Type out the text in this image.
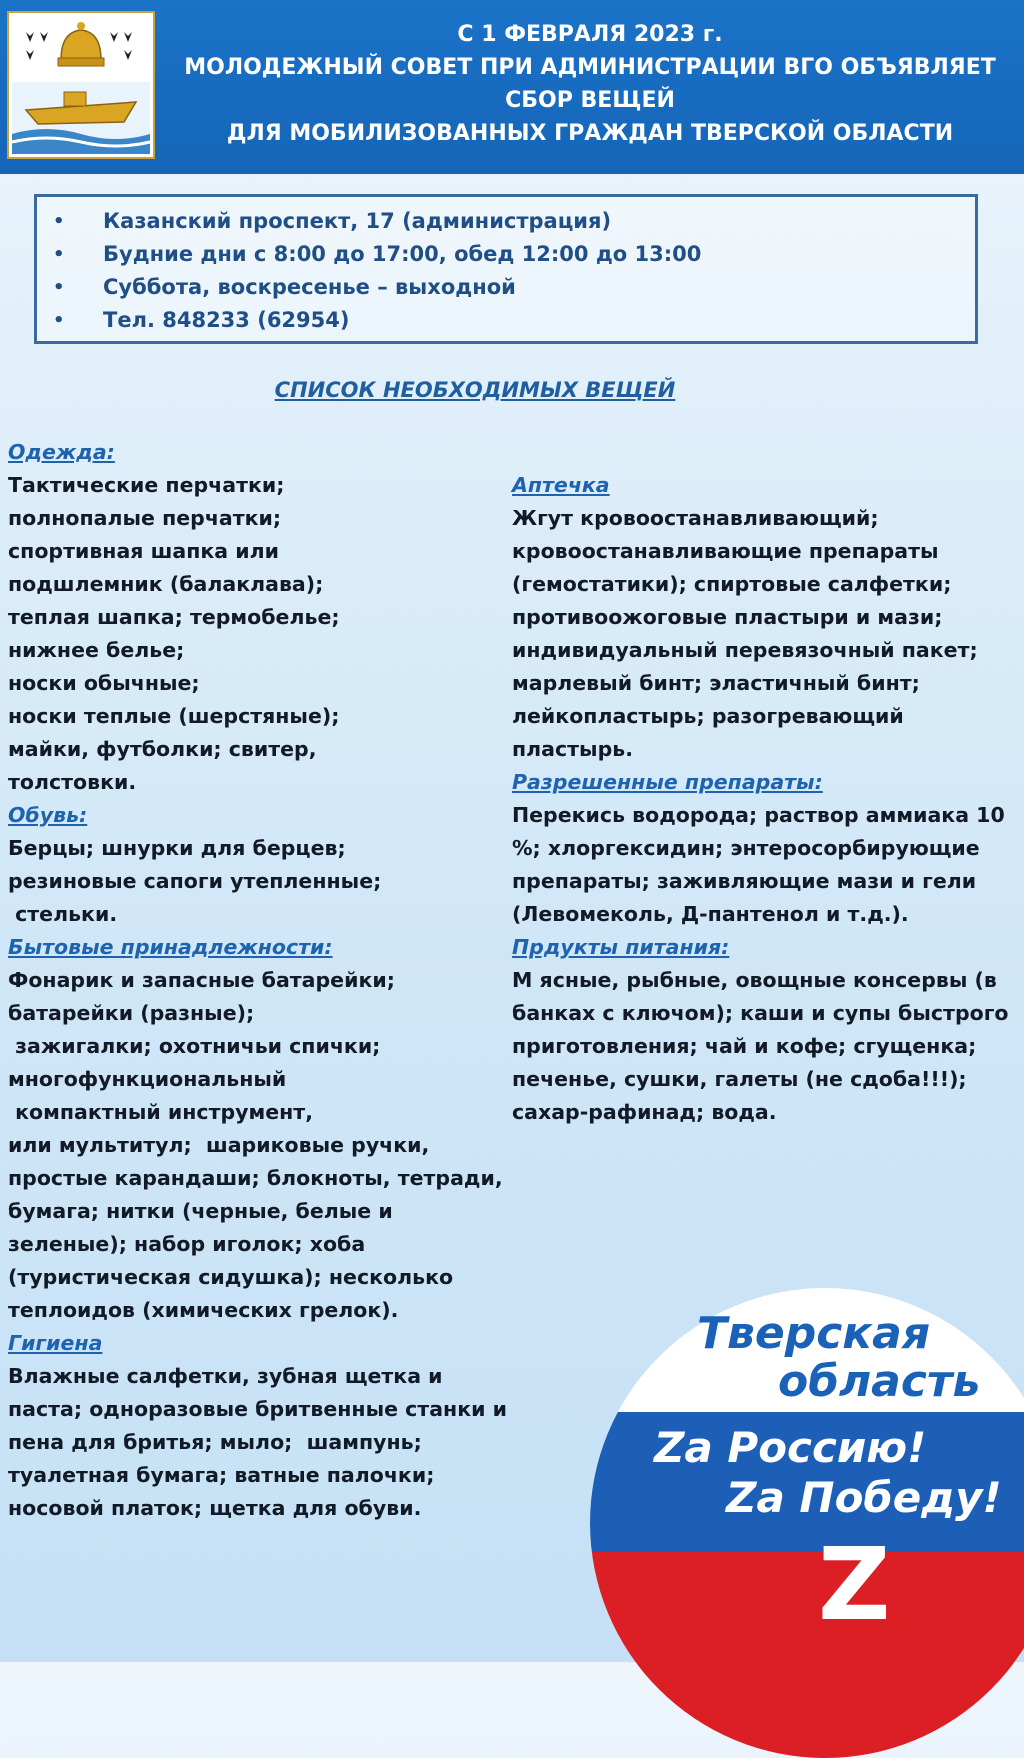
С 1 ФЕВРАЛЯ 2023 г.
МОЛОДЕЖНЫЙ СОВЕТ ПРИ АДМИНИСТРАЦИИ ВГО ОБЪЯВЛЯЕТ
СБОР ВЕЩЕЙ
ДЛЯ МОБИЛИЗОВАННЫХ ГРАЖДАН ТВЕРСКОЙ ОБЛАСТИ
• Казанский проспект, 17 (администрация)
• Будние дни с 8:00 до 17:00, обед 12:00 до 13:00
• Суббота, воскресенье – выходной
• Тел. 848233 (62954)
СПИСОК НЕОБХОДИМЫХ ВЕЩЕЙ
Одежда:
Тактические перчатки;
полнопалые перчатки;
спортивная шапка или
подшлемник (балаклава);
теплая шапка; термобелье;
нижнее белье;
носки обычные;
носки теплые (шерстяные);
майки, футболки; свитер,
толстовки.
Обувь:
Берцы; шнурки для берцев;
резиновые сапоги утепленные;
стельки.
Бытовые принадлежности:
Фонарик и запасные батарейки;
батарейки (разные);
зажигалки; охотничьи спички;
многофункциональный
компактный инструмент,
или мультитул;  шариковые ручки,
простые карандаши; блокноты, тетради,
бумага; нитки (черные, белые и
зеленые); набор иголок; хоба
(туристическая сидушка); несколько
теплоидов (химических грелок).
Гигиена
Влажные салфетки, зубная щетка и
паста; одноразовые бритвенные станки и
пена для бритья; мыло;  шампунь;
туалетная бумага; ватные палочки;
носовой платок; щетка для обуви.
Аптечка
Жгут кровоостанавливающий;
кровоостанавливающие препараты
(гемостатики); спиртовые салфетки;
противоожоговые пластыри и мази;
индивидуальный перевязочный пакет;
марлевый бинт; эластичный бинт;
лейкопластырь; разогревающий
пластырь.
Разрешенные препараты:
Перекись водорода; раствор аммиака 10
%; хлоргексидин; энтеросорбирующие
препараты; заживляющие мази и гели
(Левомеколь, Д-пантенол и т.д.).
Прдукты питания:
М ясные, рыбные, овощные консервы (в
банках с ключом); каши и супы быстрого
приготовления; чай и кофе; сгущенка;
печенье, сушки, галеты (не сдоба!!!);
сахар-рафинад; вода.
Тверская
область
Zа Россию!
Zа Победу!
Z
